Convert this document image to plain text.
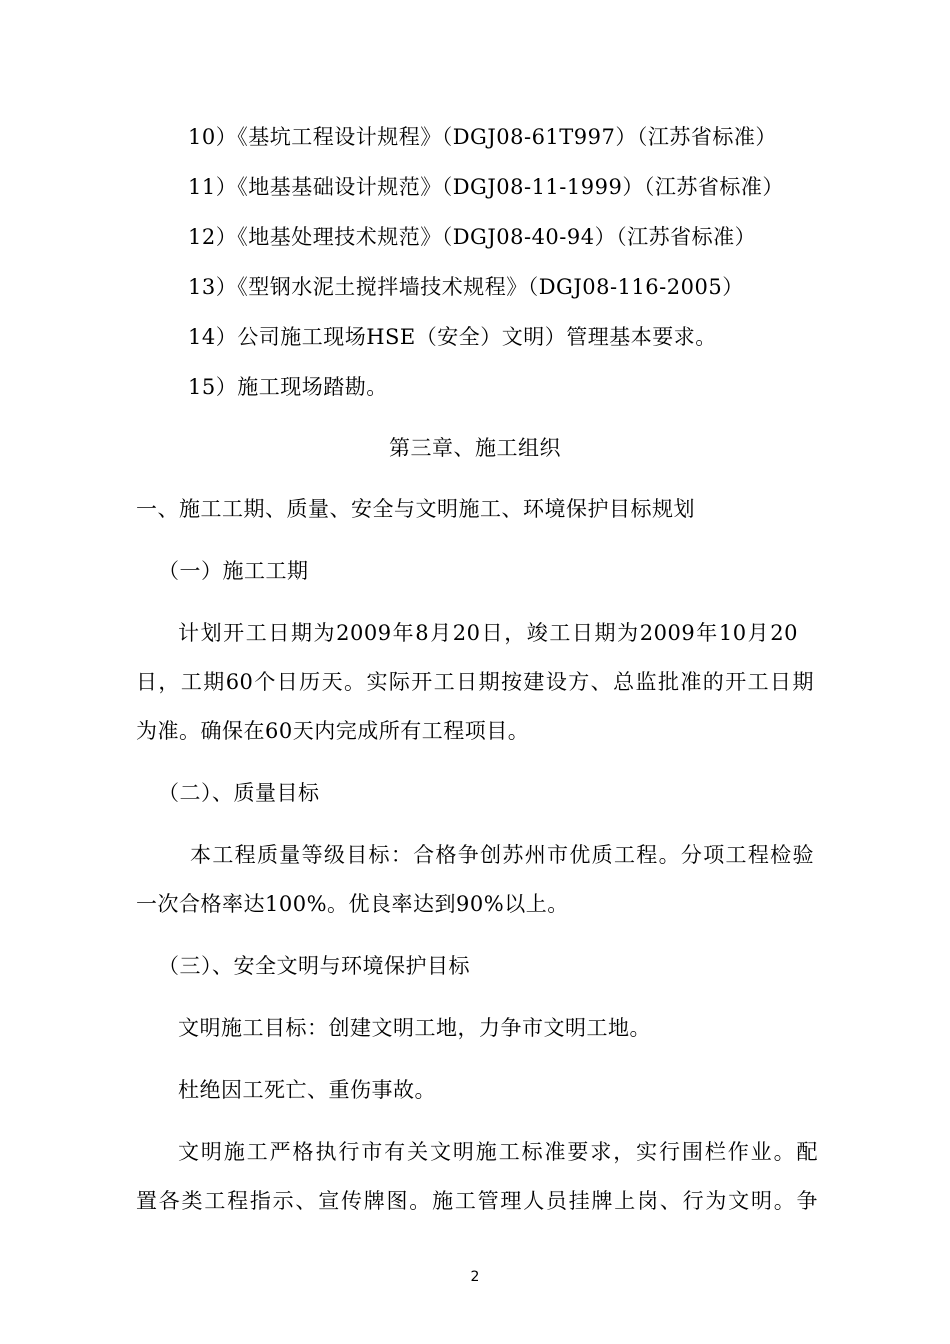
10）《基坑工程设计规程》（DGJ08-61T997）（江苏省标准）
11）《地基基础设计规范》（DGJ08-11-1999）（江苏省标准）
12）《地基处理技术规范》（DGJ08-40-94）（江苏省标准）
13）《型钢水泥土搅拌墙技术规程》（DGJ08-116-2005）
14）公司施工现场HSE（安全）文明）管理基本要求。
15）施工现场踏勘。
第三章、施工组织
一、施工工期、质量、安全与文明施工、环境保护目标规划
（一）施工工期
计划开工日期为2009年8月20日，竣工日期为2009年10月20
日，工期60个日历天。实际开工日期按建设方、总监批准的开工日期
为准。确保在60天内完成所有工程项目。
（二）、质量目标
本工程质量等级目标：合格争创苏州市优质工程。分项工程检验
一次合格率达100%。优良率达到90%以上。
（三）、安全文明与环境保护目标
文明施工目标：创建文明工地，力争市文明工地。
杜绝因工死亡、重伤事故。
文明施工严格执行市有关文明施工标准要求，实行围栏作业。配
置各类工程指示、宣传牌图。施工管理人员挂牌上岗、行为文明。争
2
